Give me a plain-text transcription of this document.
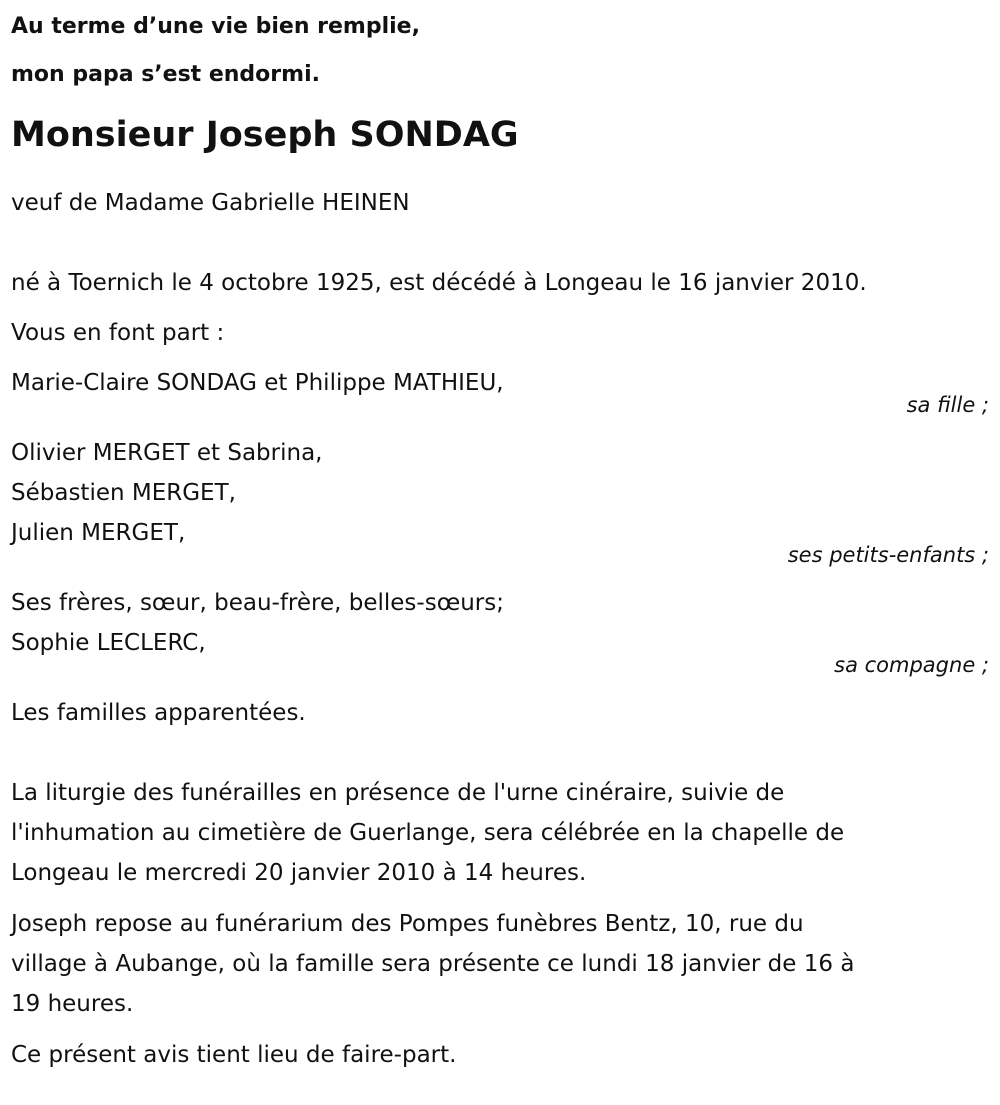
Au terme d’une vie bien remplie,
mon papa s’est endormi.
Monsieur Joseph SONDAG
veuf de Madame Gabrielle HEINEN
né à Toernich le 4 octobre 1925, est décédé à Longeau le 16 janvier 2010.
Vous en font part :
Marie-Claire SONDAG et Philippe MATHIEU,
sa fille ;
Olivier MERGET et Sabrina,
Sébastien MERGET,
Julien MERGET,
ses petits-enfants ;
Ses frères, sœur, beau-frère, belles-sœurs;
Sophie LECLERC,
sa compagne ;
Les familles apparentées.
La liturgie des funérailles en présence de l'urne cinéraire, suivie de
l'inhumation au cimetière de Guerlange, sera célébrée en la chapelle de
Longeau le mercredi 20 janvier 2010 à 14 heures.
Joseph repose au funérarium des Pompes funèbres Bentz, 10, rue du
village à Aubange, où la famille sera présente ce lundi 18 janvier de 16 à
19 heures.
Ce présent avis tient lieu de faire-part.
